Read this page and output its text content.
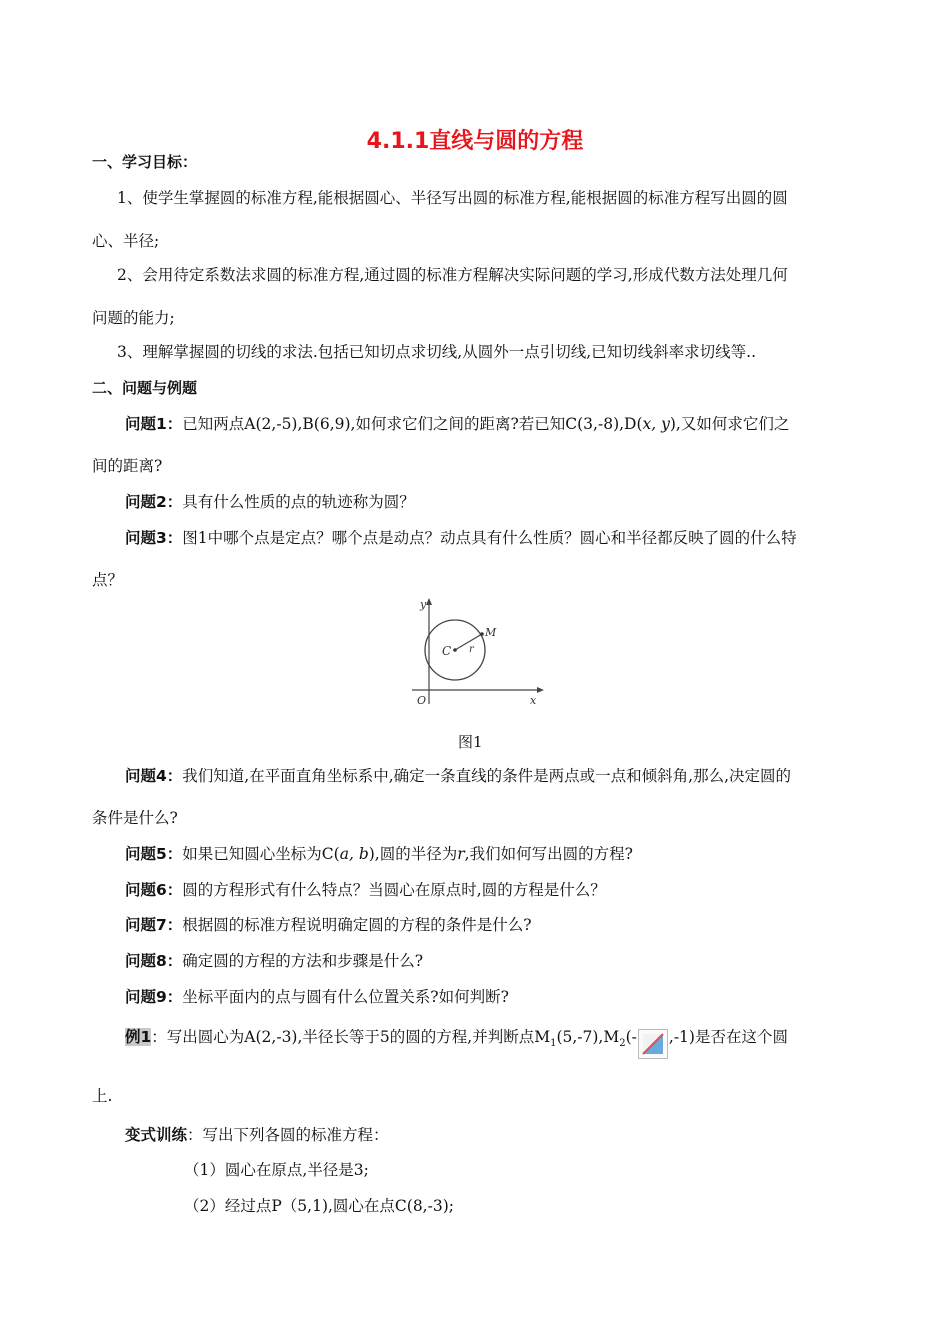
4.1.1直线与圆的方程
一、学习目标：
1、使学生掌握圆的标准方程,能根据圆心、半径写出圆的标准方程,能根据圆的标准方程写出圆的圆
心、半径;
2、会用待定系数法求圆的标准方程,通过圆的标准方程解决实际问题的学习,形成代数方法处理几何
问题的能力;
3、理解掌握圆的切线的求法.包括已知切点求切线,从圆外一点引切线,已知切线斜率求切线等..
二、问题与例题
问题1：已知两点A(2,-5),B(6,9),如何求它们之间的距离?若已知C(3,-8),D(x, y),又如何求它们之
间的距离?
问题2：具有什么性质的点的轨迹称为圆？
问题3：图1中哪个点是定点？哪个点是动点？动点具有什么性质？圆心和半径都反映了圆的什么特
点？
y
x
O
C
M
r
图1
问题4：我们知道,在平面直角坐标系中,确定一条直线的条件是两点或一点和倾斜角,那么,决定圆的
条件是什么?
问题5：如果已知圆心坐标为C(a, b),圆的半径为r,我们如何写出圆的方程?
问题6：圆的方程形式有什么特点？当圆心在原点时,圆的方程是什么？
问题7：根据圆的标准方程说明确定圆的方程的条件是什么?
问题8：确定圆的方程的方法和步骤是什么?
问题9：坐标平面内的点与圆有什么位置关系?如何判断?
例1：写出圆心为A(2,-3),半径长等于5的圆的方程,并判断点$M_1(5,-7),M_2(-$ ,-1)是否在这个圆
上.
变式训练：写出下列各圆的标准方程：
（1）圆心在原点,半径是3;
（2）经过点P（5,1),圆心在点C(8,-3);
